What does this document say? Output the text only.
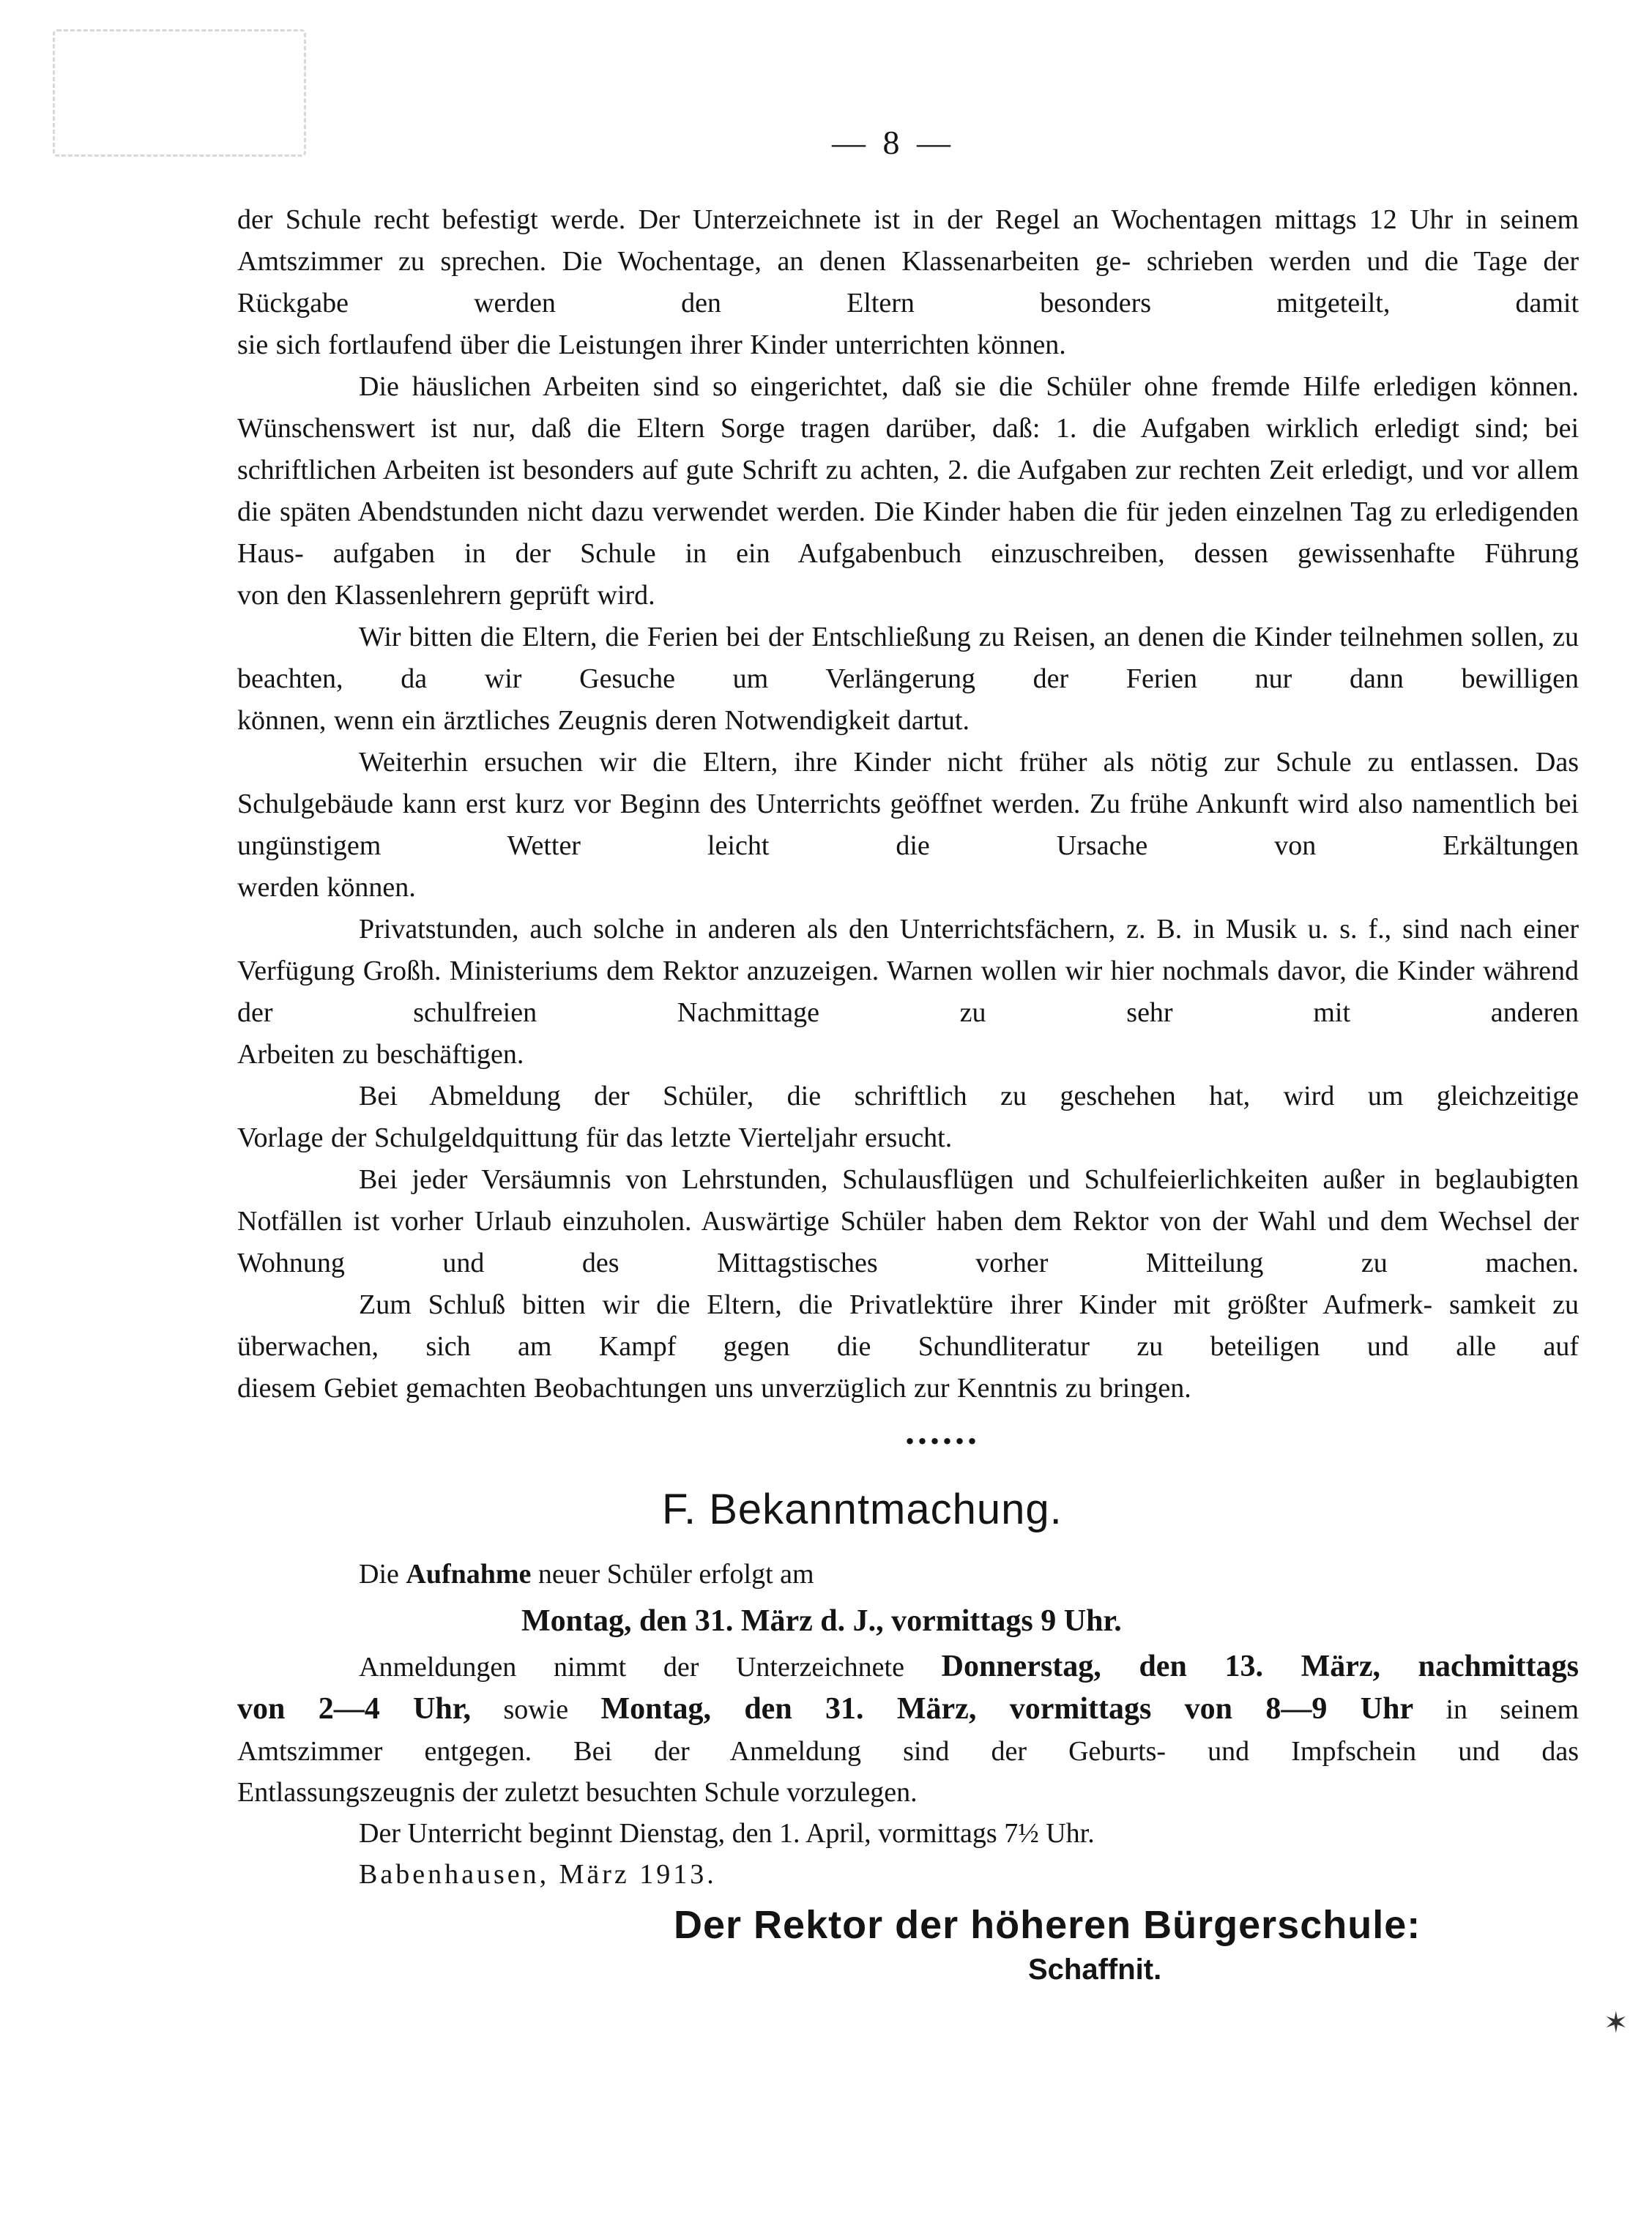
— 8 —

der Schule recht befestigt werde. Der Unterzeichnete ist in der Regel an Wochentagen mittags 12 Uhr in seinem Amtszimmer zu sprechen. Die Wochentage, an denen Klassenarbeiten ge- schrieben werden und die Tage der Rückgabe werden den Eltern besonders mitgeteilt, damit

sie sich fortlaufend über die Leistungen ihrer Kinder unterrichten können.

Die häuslichen Arbeiten sind so eingerichtet, daß sie die Schüler ohne fremde Hilfe erledigen können. Wünschenswert ist nur, daß die Eltern Sorge tragen darüber, daß: 1. die Aufgaben wirklich erledigt sind; bei schriftlichen Arbeiten ist besonders auf gute Schrift zu achten, 2. die Aufgaben zur rechten Zeit erledigt, und vor allem die späten Abendstunden nicht dazu verwendet werden. Die Kinder haben die für jeden einzelnen Tag zu erledigenden Haus- aufgaben in der Schule in ein Aufgabenbuch einzuschreiben, dessen gewissenhafte Führung

von den Klassenlehrern geprüft wird.

Wir bitten die Eltern, die Ferien bei der Entschließung zu Reisen, an denen die Kinder teilnehmen sollen, zu beachten, da wir Gesuche um Verlängerung der Ferien nur dann bewilligen

können, wenn ein ärztliches Zeugnis deren Notwendigkeit dartut.

Weiterhin ersuchen wir die Eltern, ihre Kinder nicht früher als nötig zur Schule zu entlassen. Das Schulgebäude kann erst kurz vor Beginn des Unterrichts geöffnet werden. Zu frühe Ankunft wird also namentlich bei ungünstigem Wetter leicht die Ursache von Erkältungen

werden können.

Privatstunden, auch solche in anderen als den Unterrichtsfächern, z. B. in Musik u. s. f., sind nach einer Verfügung Großh. Ministeriums dem Rektor anzuzeigen. Warnen wollen wir hier nochmals davor, die Kinder während der schulfreien Nachmittage zu sehr mit anderen

Arbeiten zu beschäftigen.

Bei Abmeldung der Schüler, die schriftlich zu geschehen hat, wird um gleichzeitige

Vorlage der Schulgeldquittung für das letzte Vierteljahr ersucht.

Bei jeder Versäumnis von Lehrstunden, Schulausflügen und Schulfeierlichkeiten außer in beglaubigten Notfällen ist vorher Urlaub einzuholen. Auswärtige Schüler haben dem Rektor von der Wahl und dem Wechsel der Wohnung und des Mittagstisches vorher Mitteilung zu machen.

Zum Schluß bitten wir die Eltern, die Privatlektüre ihrer Kinder mit größter Aufmerk- samkeit zu überwachen, sich am Kampf gegen die Schundliteratur zu beteiligen und alle auf

diesem Gebiet gemachten Beobachtungen uns unverzüglich zur Kenntnis zu bringen.

......
F. Bekanntmachung.
Die Aufnahme neuer Schüler erfolgt am
Montag, den 31. März d. J., vormittags 9 Uhr.
Anmeldungen nimmt der Unterzeichnete Donnerstag, den 13. März, nachmittags
von 2—4 Uhr, sowie Montag, den 31. März, vormittags von 8—9 Uhr in seinem
Amtszimmer entgegen. Bei der Anmeldung sind der Geburts- und Impfschein und das
Entlassungszeugnis der zuletzt besuchten Schule vorzulegen.
Der Unterricht beginnt Dienstag, den 1. April, vormittags 7½ Uhr.
Babenhausen, März 1913.
Der Rektor der höheren Bürgerschule:
Schaffnit.
✶
